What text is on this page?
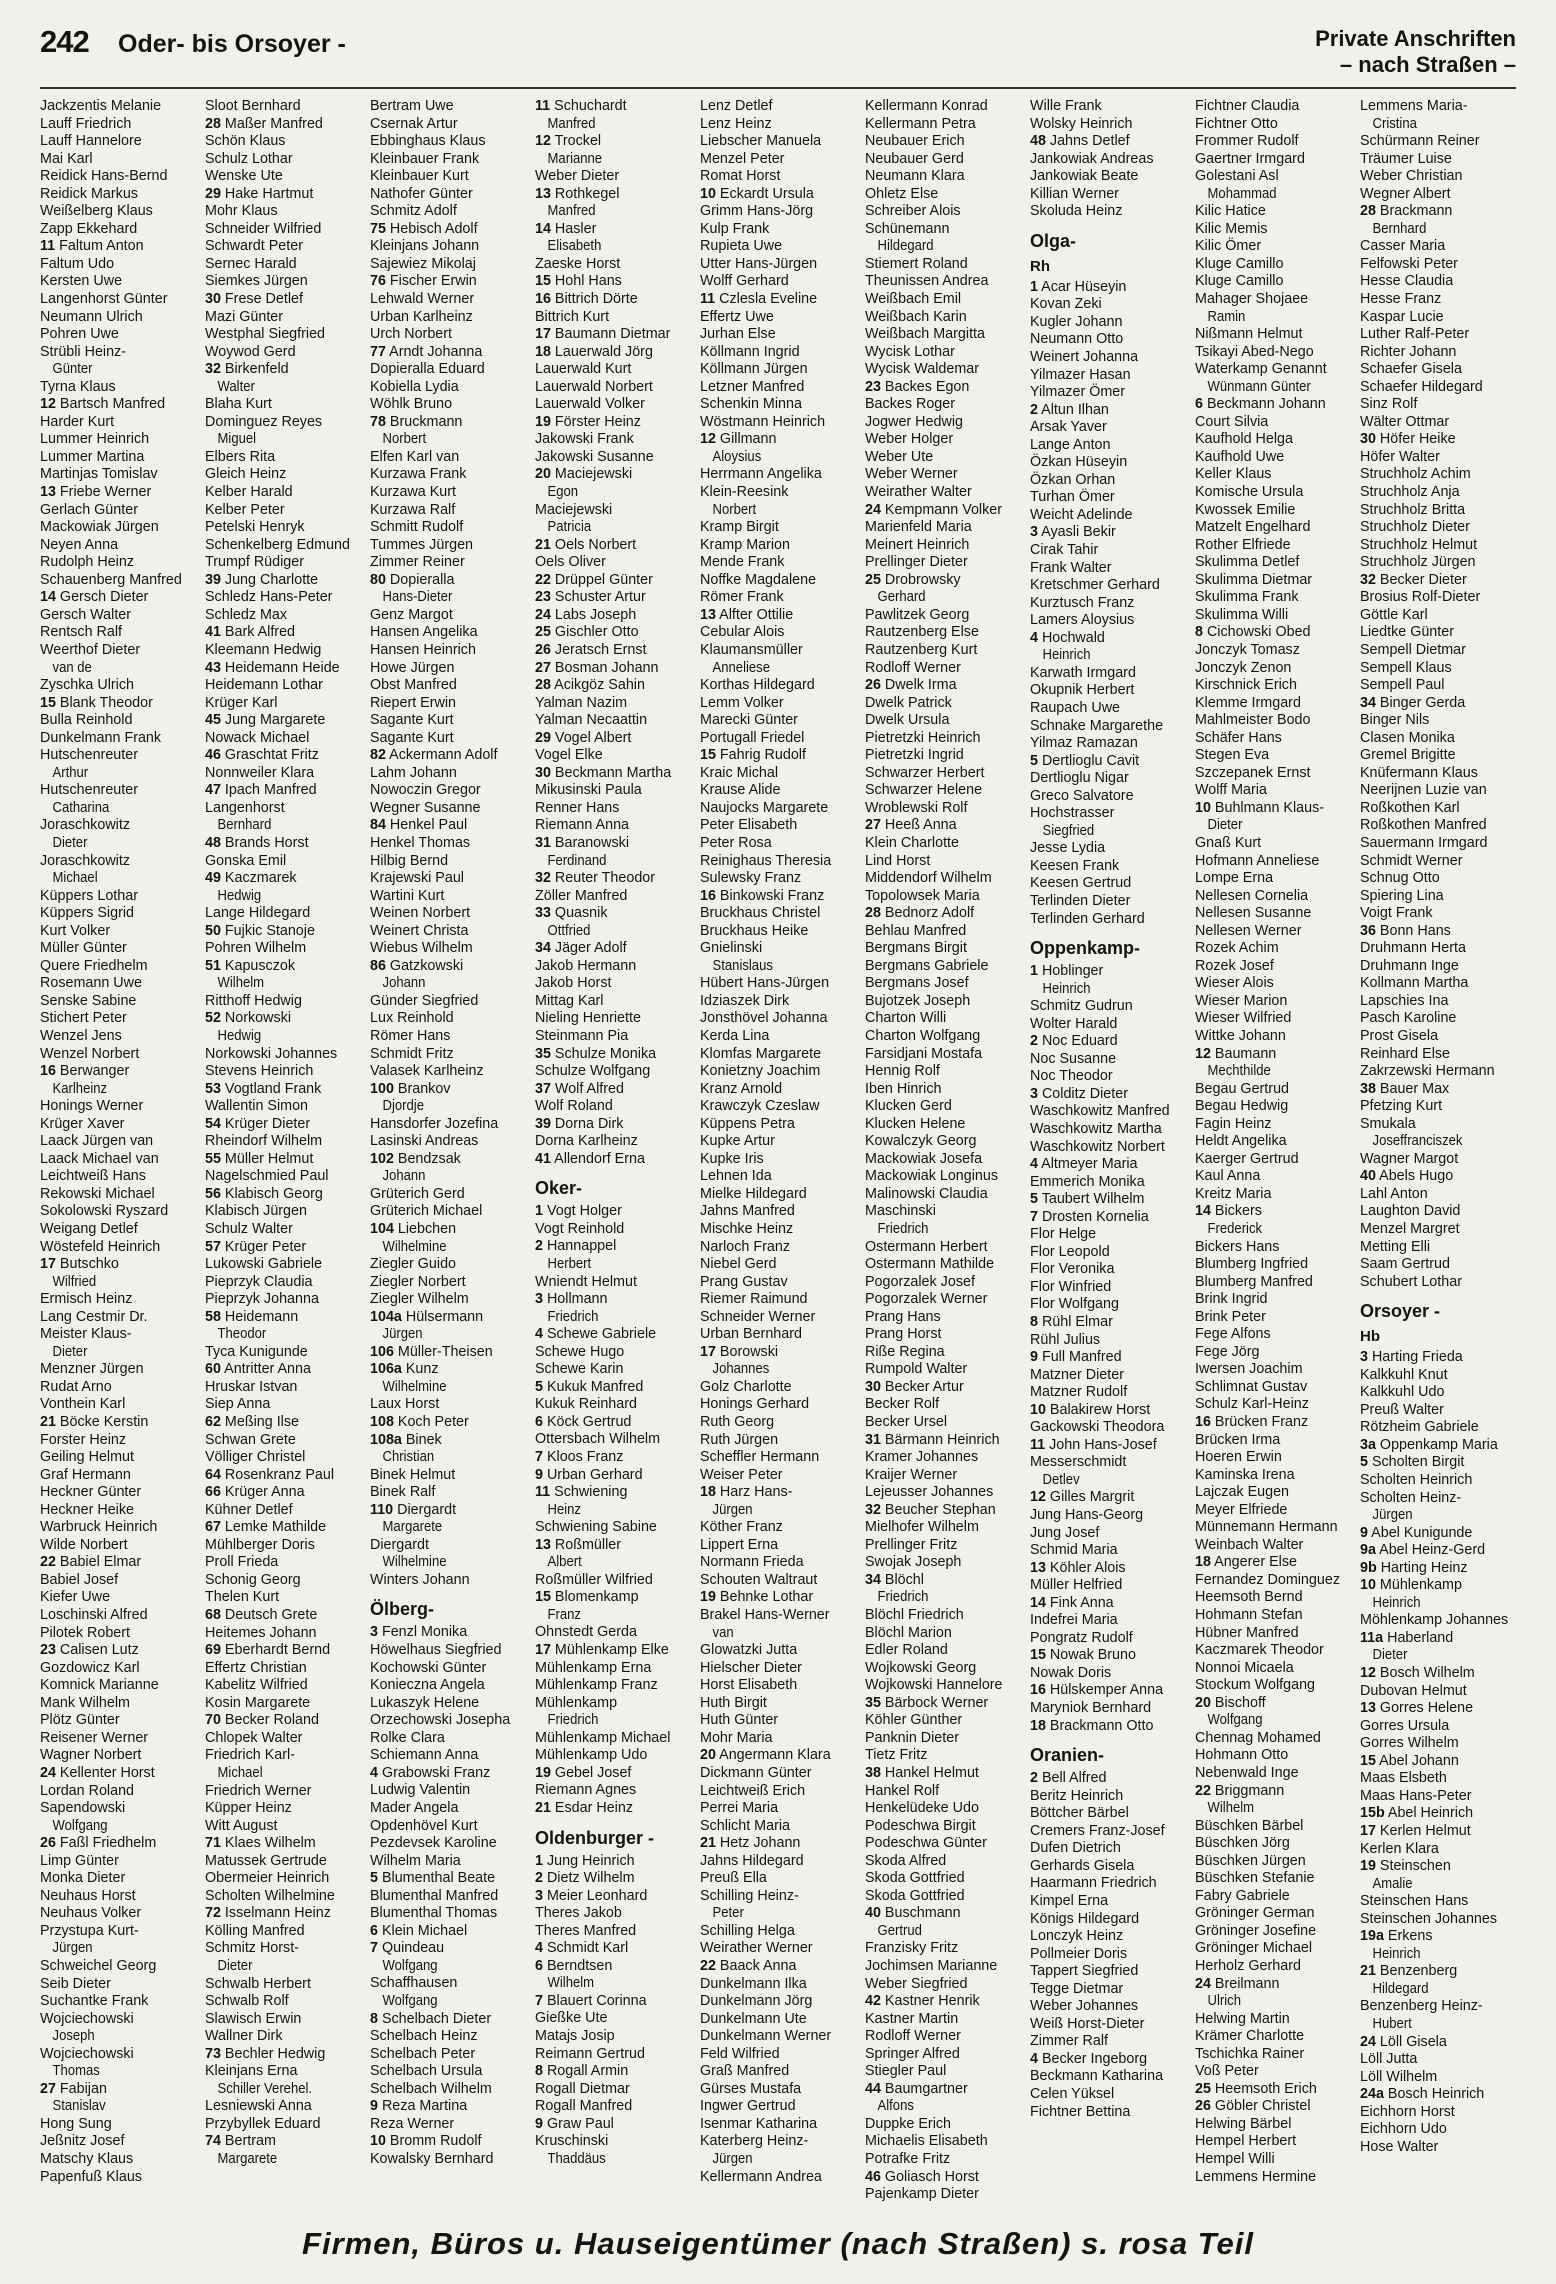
242 Oder- bis Orsoyer -	Private Anschriften
– nach Straßen –
Jackzentis Melanie
Lauff Friedrich
Lauff Hannelore
Mai Karl
Reidick Hans-Bernd
Reidick Markus
Weißelberg Klaus
Zapp Ekkehard
11 Faltum Anton
Faltum Udo
Kersten Uwe
Langenhorst Günter
Neumann Ulrich
Pohren Uwe
Strübli Heinz-
Günter
Tyrna Klaus
12 Bartsch Manfred
Harder Kurt
Lummer Heinrich
Lummer Martina
Martinjas Tomislav
13 Friebe Werner
Gerlach Günter
Mackowiak Jürgen
Neyen Anna
Rudolph Heinz
Schauenberg Manfred
14 Gersch Dieter
Gersch Walter
Rentsch Ralf
Weerthof Dieter
van de
Zyschka Ulrich
15 Blank Theodor
Bulla Reinhold
Dunkelmann Frank
Hutschenreuter
Arthur
Hutschenreuter
Catharina
Joraschkowitz
Dieter
Joraschkowitz
Michael
Küppers Lothar
Küppers Sigrid
Kurt Volker
Müller Günter
Quere Friedhelm
Rosemann Uwe
Senske Sabine
Stichert Peter
Wenzel Jens
Wenzel Norbert
16 Berwanger
Karlheinz
Honings Werner
Krüger Xaver
Laack Jürgen van
Laack Michael van
Leichtweiß Hans
Rekowski Michael
Sokolowski Ryszard
Weigang Detlef
Wöstefeld Heinrich
17 Butschko
Wilfried
Ermisch Heinz
Lang Cestmir Dr.
Meister Klaus-
Dieter
Menzner Jürgen
Rudat Arno
Vonthein Karl
21 Böcke Kerstin
Forster Heinz
Geiling Helmut
Graf Hermann
Heckner Günter
Heckner Heike
Warbruck Heinrich
Wilde Norbert
22 Babiel Elmar
Babiel Josef
Kiefer Uwe
Loschinski Alfred
Pilotek Robert
23 Calisen Lutz
Gozdowicz Karl
Komnick Marianne
Mank Wilhelm
Plötz Günter
Reisener Werner
Wagner Norbert
24 Kellenter Horst
Lordan Roland
Sapendowski
Wolfgang
26 Faßl Friedhelm
Limp Günter
Monka Dieter
Neuhaus Horst
Neuhaus Volker
Przystupa Kurt-
Jürgen
Schweichel Georg
Seib Dieter
Suchantke Frank
Wojciechowski
Joseph
Wojciechowski
Thomas
27 Fabijan
Stanislav
Hong Sung
Jeßnitz Josef
Matschy Klaus
Papenfuß Klaus
Sloot Bernhard
28 Maßer Manfred
Schön Klaus
Schulz Lothar
Wenske Ute
29 Hake Hartmut
Mohr Klaus
Schneider Wilfried
Schwardt Peter
Sernec Harald
Siemkes Jürgen
30 Frese Detlef
Mazi Günter
Westphal Siegfried
Woywod Gerd
32 Birkenfeld
Walter
Blaha Kurt
Dominguez Reyes
Miguel
Elbers Rita
Gleich Heinz
Kelber Harald
Kelber Peter
Petelski Henryk
Schenkelberg Edmund
Trumpf Rüdiger
39 Jung Charlotte
Schledz Hans-Peter
Schledz Max
41 Bark Alfred
Kleemann Hedwig
43 Heidemann Heide
Heidemann Lothar
Krüger Karl
45 Jung Margarete
Nowack Michael
46 Graschtat Fritz
Nonnweiler Klara
47 Ipach Manfred
Langenhorst
Bernhard
48 Brands Horst
Gonska Emil
49 Kaczmarek
Hedwig
Lange Hildegard
50 Fujkic Stanoje
Pohren Wilhelm
51 Kapusczok
Wilhelm
Ritthoff Hedwig
52 Norkowski
Hedwig
Norkowski Johannes
Stevens Heinrich
53 Vogtland Frank
Wallentin Simon
54 Krüger Dieter
Rheindorf Wilhelm
55 Müller Helmut
Nagelschmied Paul
56 Klabisch Georg
Klabisch Jürgen
Schulz Walter
57 Krüger Peter
Lukowski Gabriele
Pieprzyk Claudia
Pieprzyk Johanna
58 Heidemann
Theodor
Tyca Kunigunde
60 Antritter Anna
Hruskar Istvan
Siep Anna
62 Meßing Ilse
Schwan Grete
Völliger Christel
64 Rosenkranz Paul
66 Krüger Anna
Kühner Detlef
67 Lemke Mathilde
Mühlberger Doris
Proll Frieda
Schonig Georg
Thelen Kurt
68 Deutsch Grete
Heitemes Johann
69 Eberhardt Bernd
Effertz Christian
Kabelitz Wilfried
Kosin Margarete
70 Becker Roland
Chlopek Walter
Friedrich Karl-
Michael
Friedrich Werner
Küpper Heinz
Witt August
71 Klaes Wilhelm
Matussek Gertrude
Obermeier Heinrich
Scholten Wilhelmine
72 Isselmann Heinz
Kölling Manfred
Schmitz Horst-
Dieter
Schwalb Herbert
Schwalb Rolf
Slawisch Erwin
Wallner Dirk
73 Bechler Hedwig
Kleinjans Erna
Schiller Verehel.
Lesniewski Anna
Przybyllek Eduard
74 Bertram
Margarete
Bertram Uwe
Csernak Artur
Ebbinghaus Klaus
Kleinbauer Frank
Kleinbauer Kurt
Nathofer Günter
Schmitz Adolf
75 Hebisch Adolf
Kleinjans Johann
Sajewiez Mikolaj
76 Fischer Erwin
Lehwald Werner
Urban Karlheinz
Urch Norbert
77 Arndt Johanna
Dopieralla Eduard
Kobiella Lydia
Wöhlk Bruno
78 Bruckmann
Norbert
Elfen Karl van
Kurzawa Frank
Kurzawa Kurt
Kurzawa Ralf
Schmitt Rudolf
Tummes Jürgen
Zimmer Reiner
80 Dopieralla
Hans-Dieter
Genz Margot
Hansen Angelika
Hansen Heinrich
Howe Jürgen
Obst Manfred
Riepert Erwin
Sagante Kurt
Sagante Kurt
82 Ackermann Adolf
Lahm Johann
Nowoczin Gregor
Wegner Susanne
84 Henkel Paul
Henkel Thomas
Hilbig Bernd
Krajewski Paul
Wartini Kurt
Weinen Norbert
Weinert Christa
Wiebus Wilhelm
86 Gatzkowski
Johann
Günder Siegfried
Lux Reinhold
Römer Hans
Schmidt Fritz
Valasek Karlheinz
100 Brankov
Djordje
Hansdorfer Jozefina
Lasinski Andreas
102 Bendzsak
Johann
Grüterich Gerd
Grüterich Michael
104 Liebchen
Wilhelmine
Ziegler Guido
Ziegler Norbert
Ziegler Wilhelm
104a Hülsermann
Jürgen
106 Müller-Theisen
106a Kunz
Wilhelmine
Laux Horst
108 Koch Peter
108a Binek
Christian
Binek Helmut
Binek Ralf
110 Diergardt
Margarete
Diergardt
Wilhelmine
Winters Johann
Ölberg-
3 Fenzl Monika
Höwelhaus Siegfried
Kochowski Günter
Konieczna Angela
Lukaszyk Helene
Orzechowski Josepha
Rolke Clara
Schiemann Anna
4 Grabowski Franz
Ludwig Valentin
Mader Angela
Opdenhövel Kurt
Pezdevsek Karoline
Wilhelm Maria
5 Blumenthal Beate
Blumenthal Manfred
Blumenthal Thomas
6 Klein Michael
7 Quindeau
Wolfgang
Schaffhausen
Wolfgang
8 Schelbach Dieter
Schelbach Heinz
Schelbach Peter
Schelbach Ursula
Schelbach Wilhelm
9 Reza Martina
Reza Werner
10 Bromm Rudolf
Kowalsky Bernhard
11 Schuchardt
Manfred
12 Trockel
Marianne
Weber Dieter
13 Rothkegel
Manfred
14 Hasler
Elisabeth
Zaeske Horst
15 Hohl Hans
16 Bittrich Dörte
Bittrich Kurt
17 Baumann Dietmar
18 Lauerwald Jörg
Lauerwald Kurt
Lauerwald Norbert
Lauerwald Volker
19 Förster Heinz
Jakowski Frank
Jakowski Susanne
20 Maciejewski
Egon
Maciejewski
Patricia
21 Oels Norbert
Oels Oliver
22 Drüppel Günter
23 Schuster Artur
24 Labs Joseph
25 Gischler Otto
26 Jeratsch Ernst
27 Bosman Johann
28 Acikgöz Sahin
Yalman Nazim
Yalman Necaattin
29 Vogel Albert
Vogel Elke
30 Beckmann Martha
Mikusinski Paula
Renner Hans
Riemann Anna
31 Baranowski
Ferdinand
32 Reuter Theodor
Zöller Manfred
33 Quasnik
Ottfried
34 Jäger Adolf
Jakob Hermann
Jakob Horst
Mittag Karl
Nieling Henriette
Steinmann Pia
35 Schulze Monika
Schulze Wolfgang
37 Wolf Alfred
Wolf Roland
39 Dorna Dirk
Dorna Karlheinz
41 Allendorf Erna
Oker-
1 Vogt Holger
Vogt Reinhold
2 Hannappel
Herbert
Wniendt Helmut
3 Hollmann
Friedrich
4 Schewe Gabriele
Schewe Hugo
Schewe Karin
5 Kukuk Manfred
Kukuk Reinhard
6 Köck Gertrud
Ottersbach Wilhelm
7 Kloos Franz
9 Urban Gerhard
11 Schwiening
Heinz
Schwiening Sabine
13 Roßmüller
Albert
Roßmüller Wilfried
15 Blomenkamp
Franz
Ohnstedt Gerda
17 Mühlenkamp Elke
Mühlenkamp Erna
Mühlenkamp Franz
Mühlenkamp
Friedrich
Mühlenkamp Michael
Mühlenkamp Udo
19 Gebel Josef
Riemann Agnes
21 Esdar Heinz
Oldenburger -
1 Jung Heinrich
2 Dietz Wilhelm
3 Meier Leonhard
Theres Jakob
Theres Manfred
4 Schmidt Karl
6 Berndtsen
Wilhelm
7 Blauert Corinna
Gießke Ute
Matajs Josip
Reimann Gertrud
8 Rogall Armin
Rogall Dietmar
Rogall Manfred
9 Graw Paul
Kruschinski
Thaddäus
Lenz Detlef
Lenz Heinz
Liebscher Manuela
Menzel Peter
Romat Horst
10 Eckardt Ursula
Grimm Hans-Jörg
Kulp Frank
Rupieta Uwe
Utter Hans-Jürgen
Wolff Gerhard
11 Czlesla Eveline
Effertz Uwe
Jurhan Else
Köllmann Ingrid
Köllmann Jürgen
Letzner Manfred
Schenkin Minna
Wöstmann Heinrich
12 Gillmann
Aloysius
Herrmann Angelika
Klein-Reesink
Norbert
Kramp Birgit
Kramp Marion
Mende Frank
Noffke Magdalene
Römer Frank
13 Alfter Ottilie
Cebular Alois
Klaumansmüller
Anneliese
Korthas Hildegard
Lemm Volker
Marecki Günter
Portugall Friedel
15 Fahrig Rudolf
Kraic Michal
Krause Alide
Naujocks Margarete
Peter Elisabeth
Peter Rosa
Reinighaus Theresia
Sulewsky Franz
16 Binkowski Franz
Bruckhaus Christel
Bruckhaus Heike
Gnielinski
Stanislaus
Hübert Hans-Jürgen
Idziaszek Dirk
Jonsthövel Johanna
Kerda Lina
Klomfas Margarete
Konietzny Joachim
Kranz Arnold
Krawczyk Czeslaw
Küppens Petra
Kupke Artur
Kupke Iris
Lehnen Ida
Mielke Hildegard
Jahns Manfred
Mischke Heinz
Narloch Franz
Niebel Gerd
Prang Gustav
Riemer Raimund
Schneider Werner
Urban Bernhard
17 Borowski
Johannes
Golz Charlotte
Honings Gerhard
Ruth Georg
Ruth Jürgen
Scheffler Hermann
Weiser Peter
18 Harz Hans-
Jürgen
Köther Franz
Lippert Erna
Normann Frieda
Schouten Waltraut
19 Behnke Lothar
Brakel Hans-Werner
van
Glowatzki Jutta
Hielscher Dieter
Horst Elisabeth
Huth Birgit
Huth Günter
Mohr Maria
20 Angermann Klara
Dickmann Günter
Leichtweiß Erich
Perrei Maria
Schlicht Maria
21 Hetz Johann
Jahns Hildegard
Preuß Ella
Schilling Heinz-
Peter
Schilling Helga
Weirather Werner
22 Baack Anna
Dunkelmann Ilka
Dunkelmann Jörg
Dunkelmann Ute
Dunkelmann Werner
Feld Wilfried
Graß Manfred
Gürses Mustafa
Ingwer Gertrud
Isenmar Katharina
Katerberg Heinz-
Jürgen
Kellermann Andrea
Kellermann Konrad
Kellermann Petra
Neubauer Erich
Neubauer Gerd
Neumann Klara
Ohletz Else
Schreiber Alois
Schünemann
Hildegard
Stiemert Roland
Theunissen Andrea
Weißbach Emil
Weißbach Karin
Weißbach Margitta
Wycisk Lothar
Wycisk Waldemar
23 Backes Egon
Backes Roger
Jogwer Hedwig
Weber Holger
Weber Ute
Weber Werner
Weirather Walter
24 Kempmann Volker
Marienfeld Maria
Meinert Heinrich
Prellinger Dieter
25 Drobrowsky
Gerhard
Pawlitzek Georg
Rautzenberg Else
Rautzenberg Kurt
Rodloff Werner
26 Dwelk Irma
Dwelk Patrick
Dwelk Ursula
Pietretzki Heinrich
Pietretzki Ingrid
Schwarzer Herbert
Schwarzer Helene
Wroblewski Rolf
27 Heeß Anna
Klein Charlotte
Lind Horst
Middendorf Wilhelm
Topolowsek Maria
28 Bednorz Adolf
Behlau Manfred
Bergmans Birgit
Bergmans Gabriele
Bergmans Josef
Bujotzek Joseph
Charton Willi
Charton Wolfgang
Farsidjani Mostafa
Hennig Rolf
Iben Hinrich
Klucken Gerd
Klucken Helene
Kowalczyk Georg
Mackowiak Josefa
Mackowiak Longinus
Malinowski Claudia
Maschinski
Friedrich
Ostermann Herbert
Ostermann Mathilde
Pogorzalek Josef
Pogorzalek Werner
Prang Hans
Prang Horst
Riße Regina
Rumpold Walter
30 Becker Artur
Becker Rolf
Becker Ursel
31 Bärmann Heinrich
Kramer Johannes
Kraijer Werner
Lejeusser Johannes
32 Beucher Stephan
Mielhofer Wilhelm
Prellinger Fritz
Swojak Joseph
34 Blöchl
Friedrich
Blöchl Friedrich
Blöchl Marion
Edler Roland
Wojkowski Georg
Wojkowski Hannelore
35 Bärbock Werner
Köhler Günther
Panknin Dieter
Tietz Fritz
38 Hankel Helmut
Hankel Rolf
Henkelüdeke Udo
Podeschwa Birgit
Podeschwa Günter
Skoda Alfred
Skoda Gottfried
Skoda Gottfried
40 Buschmann
Gertrud
Franzisky Fritz
Jochimsen Marianne
Weber Siegfried
42 Kastner Henrik
Kastner Martin
Rodloff Werner
Springer Alfred
Stiegler Paul
44 Baumgartner
Alfons
Duppke Erich
Michaelis Elisabeth
Potrafke Fritz
46 Goliasch Horst
Pajenkamp Dieter
Wille Frank
Wolsky Heinrich
48 Jahns Detlef
Jankowiak Andreas
Jankowiak Beate
Killian Werner
Skoluda Heinz
Olga-
Rh
1 Acar Hüseyin
Kovan Zeki
Kugler Johann
Neumann Otto
Weinert Johanna
Yilmazer Hasan
Yilmazer Ömer
2 Altun Ilhan
Arsak Yaver
Lange Anton
Özkan Hüseyin
Özkan Orhan
Turhan Ömer
Weicht Adelinde
3 Ayasli Bekir
Cirak Tahir
Frank Walter
Kretschmer Gerhard
Kurztusch Franz
Lamers Aloysius
4 Hochwald
Heinrich
Karwath Irmgard
Okupnik Herbert
Raupach Uwe
Schnake Margarethe
Yilmaz Ramazan
5 Dertlioglu Cavit
Dertlioglu Nigar
Greco Salvatore
Hochstrasser
Siegfried
Jesse Lydia
Keesen Frank
Keesen Gertrud
Terlinden Dieter
Terlinden Gerhard
Oppenkamp-
1 Hoblinger
Heinrich
Schmitz Gudrun
Wolter Harald
2 Noc Eduard
Noc Susanne
Noc Theodor
3 Colditz Dieter
Waschkowitz Manfred
Waschkowitz Martha
Waschkowitz Norbert
4 Altmeyer Maria
Emmerich Monika
5 Taubert Wilhelm
7 Drosten Kornelia
Flor Helge
Flor Leopold
Flor Veronika
Flor Winfried
Flor Wolfgang
8 Rühl Elmar
Rühl Julius
9 Full Manfred
Matzner Dieter
Matzner Rudolf
10 Balakirew Horst
Gackowski Theodora
11 John Hans-Josef
Messerschmidt
Detlev
12 Gilles Margrit
Jung Hans-Georg
Jung Josef
Schmid Maria
13 Köhler Alois
Müller Helfried
14 Fink Anna
Indefrei Maria
Pongratz Rudolf
15 Nowak Bruno
Nowak Doris
16 Hülskemper Anna
Maryniok Bernhard
18 Brackmann Otto
Oranien-
2 Bell Alfred
Beritz Heinrich
Böttcher Bärbel
Cremers Franz-Josef
Dufen Dietrich
Gerhards Gisela
Haarmann Friedrich
Kimpel Erna
Königs Hildegard
Lonczyk Heinz
Pollmeier Doris
Tappert Siegfried
Tegge Dietmar
Weber Johannes
Weiß Horst-Dieter
Zimmer Ralf
4 Becker Ingeborg
Beckmann Katharina
Celen Yüksel
Fichtner Bettina
Fichtner Claudia
Fichtner Otto
Frommer Rudolf
Gaertner Irmgard
Golestani Asl
Mohammad
Kilic Hatice
Kilic Memis
Kilic Ömer
Kluge Camillo
Kluge Camillo
Mahager Shojaee
Ramin
Nißmann Helmut
Tsikayi Abed-Nego
Waterkamp Genannt
Wünmann Günter
6 Beckmann Johann
Court Silvia
Kaufhold Helga
Kaufhold Uwe
Keller Klaus
Komische Ursula
Kwossek Emilie
Matzelt Engelhard
Rother Elfriede
Skulimma Detlef
Skulimma Dietmar
Skulimma Frank
Skulimma Willi
8 Cichowski Obed
Jonczyk Tomasz
Jonczyk Zenon
Kirschnick Erich
Klemme Irmgard
Mahlmeister Bodo
Schäfer Hans
Stegen Eva
Szczepanek Ernst
Wolff Maria
10 Buhlmann Klaus-
Dieter
Gnaß Kurt
Hofmann Anneliese
Lompe Erna
Nellesen Cornelia
Nellesen Susanne
Nellesen Werner
Rozek Achim
Rozek Josef
Wieser Alois
Wieser Marion
Wieser Wilfried
Wittke Johann
12 Baumann
Mechthilde
Begau Gertrud
Begau Hedwig
Fagin Heinz
Heldt Angelika
Kaerger Gertrud
Kaul Anna
Kreitz Maria
14 Bickers
Frederick
Bickers Hans
Blumberg Ingfried
Blumberg Manfred
Brink Ingrid
Brink Peter
Fege Alfons
Fege Jörg
Iwersen Joachim
Schlimnat Gustav
Schulz Karl-Heinz
16 Brücken Franz
Brücken Irma
Hoeren Erwin
Kaminska Irena
Lajczak Eugen
Meyer Elfriede
Münnemann Hermann
Weinbach Walter
18 Angerer Else
Fernandez Dominguez
Heemsoth Bernd
Hohmann Stefan
Hübner Manfred
Kaczmarek Theodor
Nonnoi Micaela
Stockum Wolfgang
20 Bischoff
Wolfgang
Chennag Mohamed
Hohmann Otto
Nebenwald Inge
22 Briggmann
Wilhelm
Büschken Bärbel
Büschken Jörg
Büschken Jürgen
Büschken Stefanie
Fabry Gabriele
Gröninger German
Gröninger Josefine
Gröninger Michael
Herholz Gerhard
24 Breilmann
Ulrich
Helwing Martin
Krämer Charlotte
Tschichka Rainer
Voß Peter
25 Heemsoth Erich
26 Göbler Christel
Helwing Bärbel
Hempel Herbert
Hempel Willi
Lemmens Hermine
Lemmens Maria-
Cristina
Schürmann Reiner
Träumer Luise
Weber Christian
Wegner Albert
28 Brackmann
Bernhard
Casser Maria
Felfowski Peter
Hesse Claudia
Hesse Franz
Kaspar Lucie
Luther Ralf-Peter
Richter Johann
Schaefer Gisela
Schaefer Hildegard
Sinz Rolf
Wälter Ottmar
30 Höfer Heike
Höfer Walter
Struchholz Achim
Struchholz Anja
Struchholz Britta
Struchholz Dieter
Struchholz Helmut
Struchholz Jürgen
32 Becker Dieter
Brosius Rolf-Dieter
Göttle Karl
Liedtke Günter
Sempell Dietmar
Sempell Klaus
Sempell Paul
34 Binger Gerda
Binger Nils
Clasen Monika
Gremel Brigitte
Knüfermann Klaus
Neerijnen Luzie van
Roßkothen Karl
Roßkothen Manfred
Sauermann Irmgard
Schmidt Werner
Schnug Otto
Spiering Lina
Voigt Frank
36 Bonn Hans
Druhmann Herta
Druhmann Inge
Kollmann Martha
Lapschies Ina
Pasch Karoline
Prost Gisela
Reinhard Else
Zakrzewski Hermann
38 Bauer Max
Pfetzing Kurt
Smukala
Joseffranciszek
Wagner Margot
40 Abels Hugo
Lahl Anton
Laughton David
Menzel Margret
Metting Elli
Saam Gertrud
Schubert Lothar
Orsoyer -
Hb
3 Harting Frieda
Kalkkuhl Knut
Kalkkuhl Udo
Preuß Walter
Rötzheim Gabriele
3a Oppenkamp Maria
5 Scholten Birgit
Scholten Heinrich
Scholten Heinz-
Jürgen
9 Abel Kunigunde
9a Abel Heinz-Gerd
9b Harting Heinz
10 Mühlenkamp
Heinrich
Möhlenkamp Johannes
11a Haberland
Dieter
12 Bosch Wilhelm
Dubovan Helmut
13 Gorres Helene
Gorres Ursula
Gorres Wilhelm
15 Abel Johann
Maas Elsbeth
Maas Hans-Peter
15b Abel Heinrich
17 Kerlen Helmut
Kerlen Klara
19 Steinschen
Amalie
Steinschen Hans
Steinschen Johannes
19a Erkens
Heinrich
21 Benzenberg
Hildegard
Benzenberg Heinz-
Hubert
24 Löll Gisela
Löll Jutta
Löll Wilhelm
24a Bosch Heinrich
Eichhorn Horst
Eichhorn Udo
Hose Walter
Firmen, Büros u. Hauseigentümer (nach Straßen) s. rosa Teil
